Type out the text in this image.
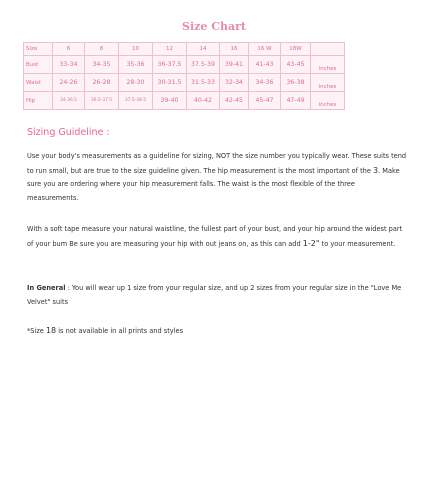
Size Chart
Size	6	8	10	12	14	16	16 W	18W	
Bust	33-34	34-35	35-36	36-37.5	37.5-39	39-41	41-43	43-45	inches
Waist	24-26	26-28	28-30	30-31.5	31.5-33	32-34	34-36	36-38	inches
Hip	34-36.5	36.5-37.5	37.5-38.5	39-40	40-42	42-45	45-47	47-49	inches
Sizing Guideline :

Use your body's measurements as a guideline for sizing, NOT the size number you typically wear. These suits tend to run small, but are true to the size guideline given. The hip measurement is the most important of the 3. Make sure you are ordering where your hip measurement falls. The waist is the most flexible of the three measurements.

With a soft tape measure your natural waistline, the fullest part of your bust, and your hip around the widest part of your bum Be sure you are measuring your hip with out jeans on, as this can add 1-2" to your measurement.

In General : You will wear up 1 size from your regular size, and up 2 sizes from your regular size in the "Love Me Velvet" suits

*Size 18 is not available in all prints and styles
